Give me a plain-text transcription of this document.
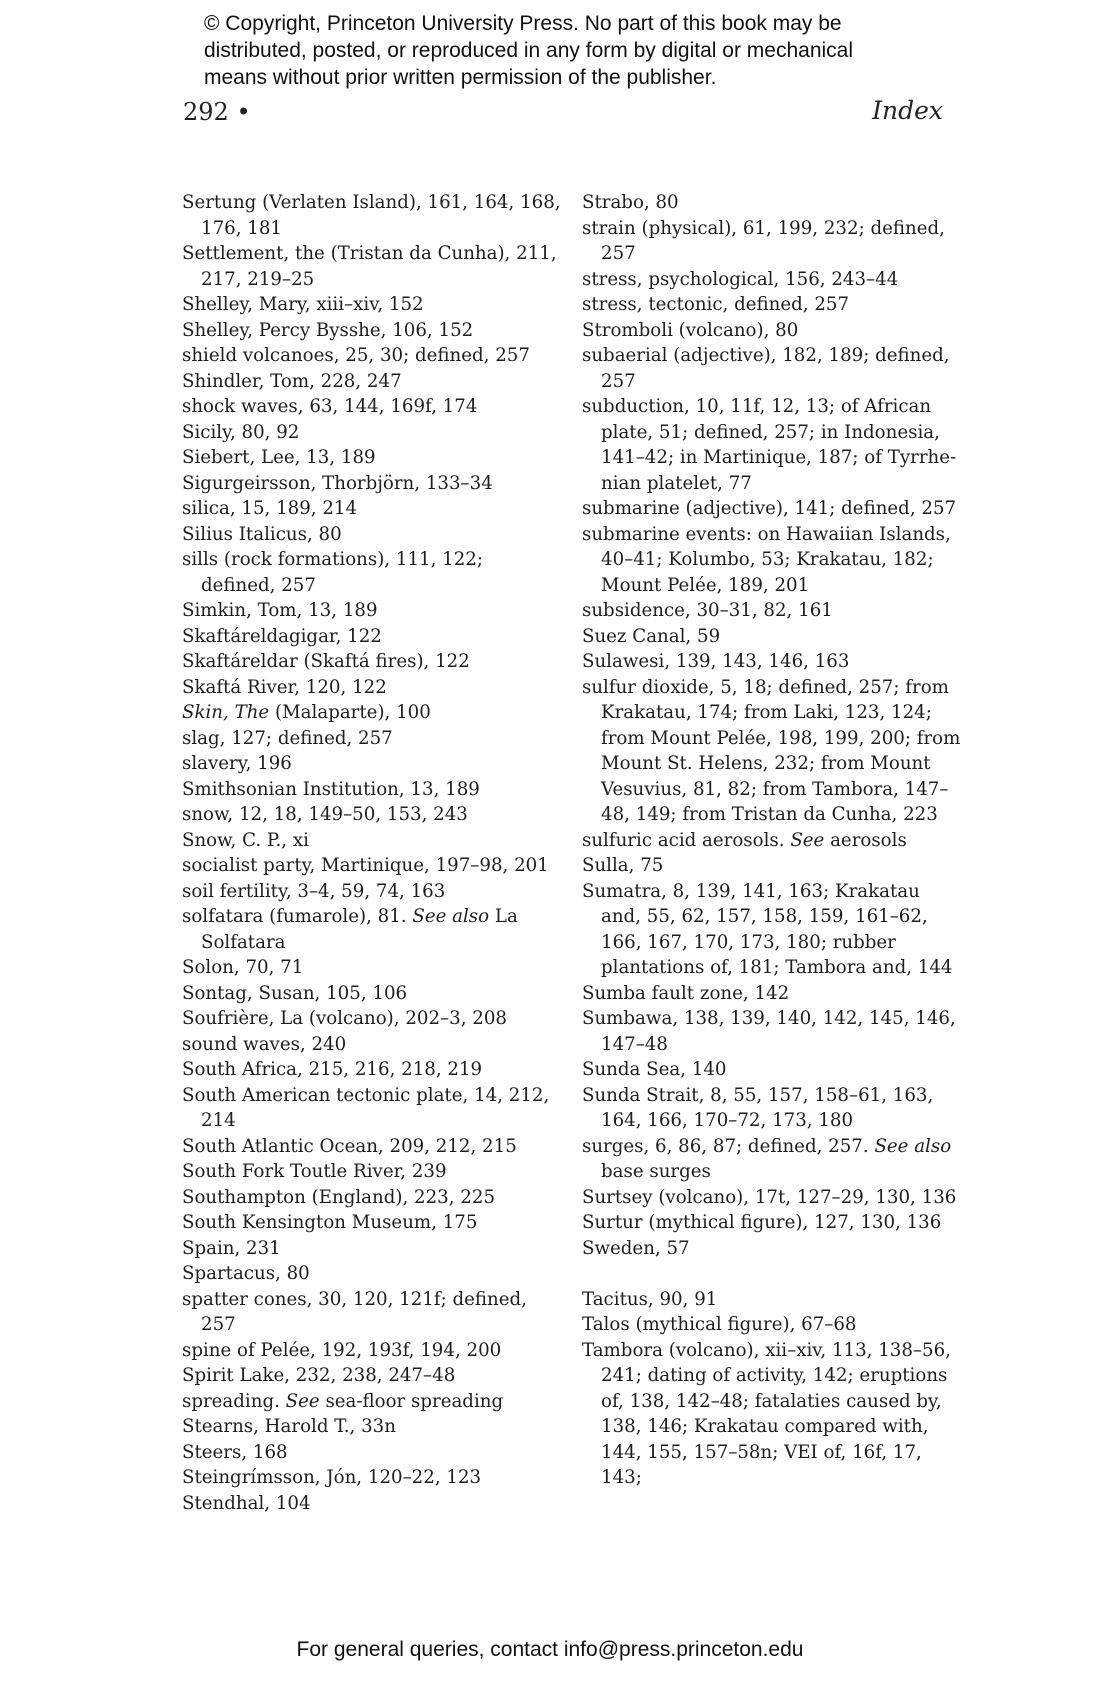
© Copyright, Princeton University Press. No part of this book may be
distributed, posted, or reproduced in any form by digital or mechanical
means without prior written permission of the publisher.
292 •	Index

Sertung (Verlaten Island), 161, 164, 168, 176, 181

Settlement, the (Tristan da Cunha), 211, 217, 219–25

Shelley, Mary, xiii–xiv, 152

Shelley, Percy Bysshe, 106, 152

shield volcanoes, 25, 30; defined, 257

Shindler, Tom, 228, 247

shock waves, 63, 144, 169f, 174

Sicily, 80, 92

Siebert, Lee, 13, 189

Sigurgeirsson, Thorbjörn, 133–34

silica, 15, 189, 214

Silius Italicus, 80

sills (rock formations), 111, 122; defined, 257

Simkin, Tom, 13, 189

Skaftáreldagigar, 122

Skaftáreldar (Skaftá fires), 122

Skaftá River, 120, 122

Skin, The (Malaparte), 100

slag, 127; defined, 257

slavery, 196

Smithsonian Institution, 13, 189

snow, 12, 18, 149–50, 153, 243

Snow, C. P., xi

socialist party, Martinique, 197–98, 201

soil fertility, 3–4, 59, 74, 163

solfatara (fumarole), 81. See also La Solfatara

Solon, 70, 71

Sontag, Susan, 105, 106

Soufrière, La (volcano), 202–3, 208

sound waves, 240

South Africa, 215, 216, 218, 219

South American tectonic plate, 14, 212, 214

South Atlantic Ocean, 209, 212, 215

South Fork Toutle River, 239

Southampton (England), 223, 225

South Kensington Museum, 175

Spain, 231

Spartacus, 80

spatter cones, 30, 120, 121f; defined, 257

spine of Pelée, 192, 193f, 194, 200

Spirit Lake, 232, 238, 247–48

spreading. See sea-floor spreading

Stearns, Harold T., 33n

Steers, 168

Steingrímsson, Jón, 120–22, 123

Stendhal, 104

Strabo, 80

strain (physical), 61, 199, 232; defined, 257

stress, psychological, 156, 243–44

stress, tectonic, defined, 257

Stromboli (volcano), 80

subaerial (adjective), 182, 189; defined, 257

subduction, 10, 11f, 12, 13; of African plate, 51; defined, 257; in Indonesia, 141–42; in Martinique, 187; of Tyrrhe-nian platelet, 77

submarine (adjective), 141; defined, 257

submarine events: on Hawaiian Islands, 40–41; Kolumbo, 53; Krakatau, 182; Mount Pelée, 189, 201

subsidence, 30–31, 82, 161

Suez Canal, 59

Sulawesi, 139, 143, 146, 163

sulfur dioxide, 5, 18; defined, 257; from Krakatau, 174; from Laki, 123, 124; from Mount Pelée, 198, 199, 200; from Mount St. Helens, 232; from Mount Vesuvius, 81, 82; from Tambora, 147–48, 149; from Tristan da Cunha, 223

sulfuric acid aerosols. See aerosols

Sulla, 75

Sumatra, 8, 139, 141, 163; Krakatau and, 55, 62, 157, 158, 159, 161–62, 166, 167, 170, 173, 180; rubber plantations of, 181; Tambora and, 144

Sumba fault zone, 142

Sumbawa, 138, 139, 140, 142, 145, 146, 147–48

Sunda Sea, 140

Sunda Strait, 8, 55, 157, 158–61, 163, 164, 166, 170–72, 173, 180

surges, 6, 86, 87; defined, 257. See also base surges

Surtsey (volcano), 17t, 127–29, 130, 136

Surtur (mythical figure), 127, 130, 136

Sweden, 57

Tacitus, 90, 91

Talos (mythical figure), 67–68

Tambora (volcano), xii–xiv, 113, 138–56, 241; dating of activity, 142; eruptions of, 138, 142–48; fatalaties caused by, 138, 146; Krakatau compared with, 144, 155, 157–58n; VEI of, 16f, 17, 143;

For general queries, contact info@press.princeton.edu
